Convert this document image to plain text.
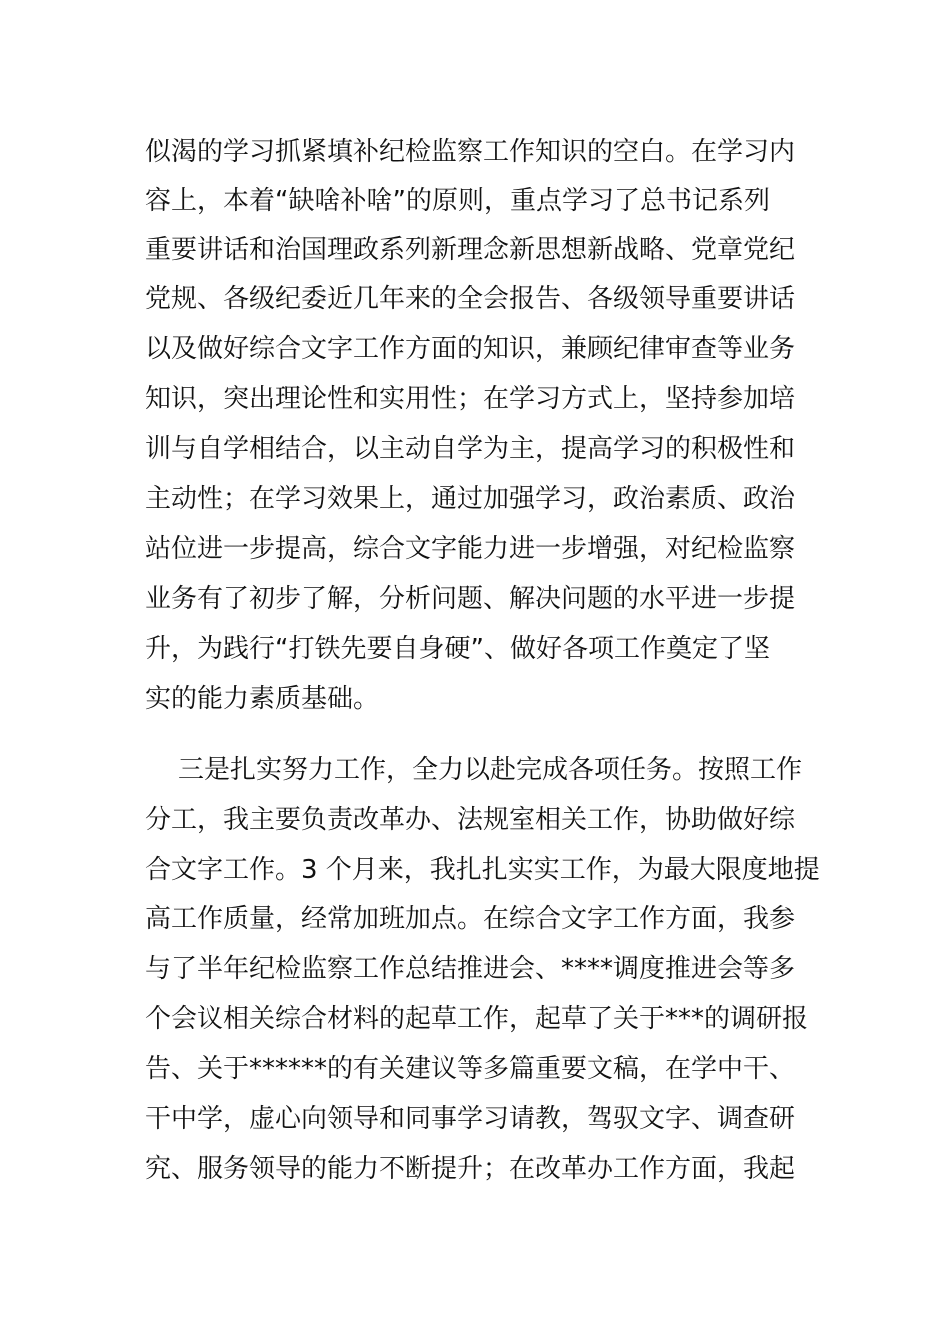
似渴的学习抓紧填补纪检监察工作知识的空白。在学习内
容上，本着“缺啥补啥”的原则，重点学习了总书记系列
重要讲话和治国理政系列新理念新思想新战略、党章党纪
党规、各级纪委近几年来的全会报告、各级领导重要讲话
以及做好综合文字工作方面的知识，兼顾纪律审查等业务
知识，突出理论性和实用性；在学习方式上，坚持参加培
训与自学相结合，以主动自学为主，提高学习的积极性和
主动性；在学习效果上，通过加强学习，政治素质、政治
站位进一步提高，综合文字能力进一步增强，对纪检监察
业务有了初步了解，分析问题、解决问题的水平进一步提
升，为践行“打铁先要自身硬”、做好各项工作奠定了坚
实的能力素质基础。
三是扎实努力工作，全力以赴完成各项任务。按照工作
分工，我主要负责改革办、法规室相关工作，协助做好综
合文字工作。3 个月来，我扎扎实实工作，为最大限度地提
高工作质量，经常加班加点。在综合文字工作方面，我参
与了半年纪检监察工作总结推进会、****调度推进会等多
个会议相关综合材料的起草工作，起草了关于***的调研报
告、关于******的有关建议等多篇重要文稿，在学中干、
干中学，虚心向领导和同事学习请教，驾驭文字、调查研
究、服务领导的能力不断提升；在改革办工作方面，我起
